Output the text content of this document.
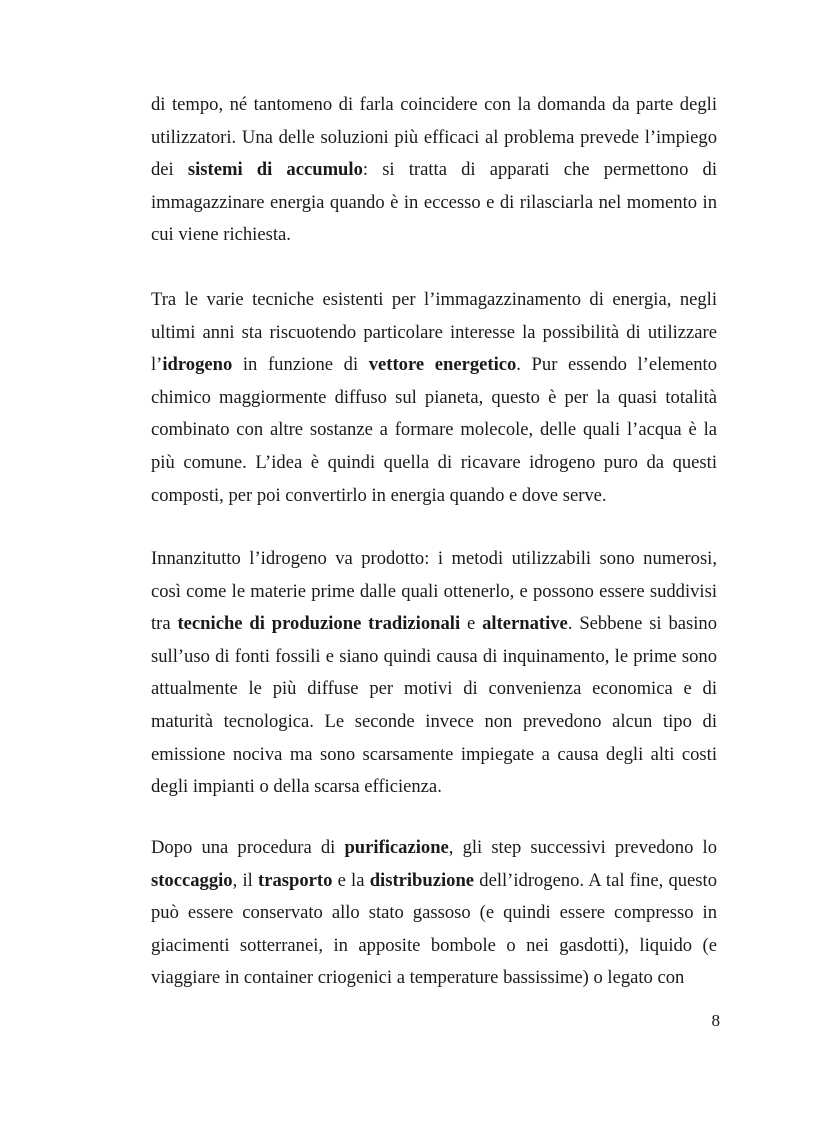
di tempo, né tantomeno di farla coincidere con la domanda da parte degli utilizzatori. Una delle soluzioni più efficaci al problema prevede l’impiego dei sistemi di accumulo: si tratta di apparati che permettono di immagazzinare energia quando è in eccesso e di rilasciarla nel momento in cui viene richiesta.

Tra le varie tecniche esistenti per l’immagazzinamento di energia, negli ultimi anni sta riscuotendo particolare interesse la possibilità di utilizzare l’idrogeno in funzione di vettore energetico. Pur essendo l’elemento chimico maggiormente diffuso sul pianeta, questo è per la quasi totalità combinato con altre sostanze a formare molecole, delle quali l’acqua è la più comune. L’idea è quindi quella di ricavare idrogeno puro da questi composti, per poi convertirlo in energia quando e dove serve.

Innanzitutto l’idrogeno va prodotto: i metodi utilizzabili sono numerosi, così come le materie prime dalle quali ottenerlo, e possono essere suddivisi tra tecniche di produzione tradizionali e alternative. Sebbene si basino sull’uso di fonti fossili e siano quindi causa di inquinamento, le prime sono attualmente le più diffuse per motivi di convenienza economica e di maturità tecnologica. Le seconde invece non prevedono alcun tipo di emissione nociva ma sono scarsamente impiegate a causa degli alti costi degli impianti o della scarsa efficienza.

Dopo una procedura di purificazione, gli step successivi prevedono lo stoccaggio, il trasporto e la distribuzione dell’idrogeno. A tal fine, questo può essere conservato allo stato gassoso (e quindi essere compresso in giacimenti sotterranei, in apposite bombole o nei gasdotti), liquido (e viaggiare in container criogenici a temperature bassissime) o legato con

8
